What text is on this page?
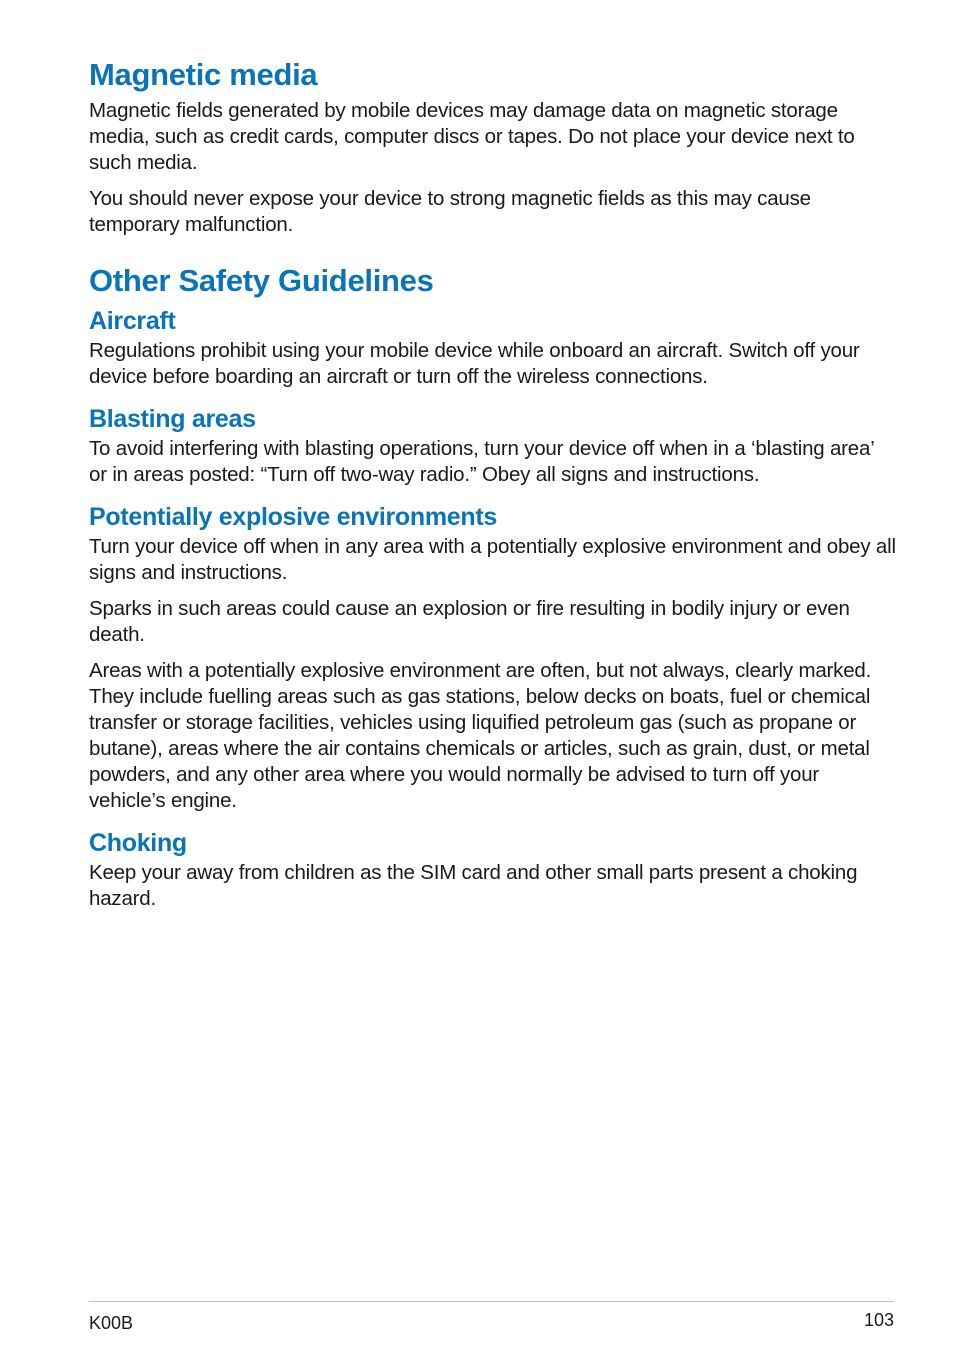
Magnetic media

Magnetic fields generated by mobile devices may damage data on magnetic storage media, such as credit cards, computer discs or tapes. Do not place your device next to such media.

You should never expose your device to strong magnetic fields as this may cause temporary malfunction.

Other Safety Guidelines
Aircraft

Regulations prohibit using your mobile device while onboard an aircraft. Switch off your device before boarding an aircraft or turn off the wireless connections.

Blasting areas

To avoid interfering with blasting operations, turn your device off when in a ‘blasting area’ or in areas posted: “Turn off two-way radio.” Obey all signs and instructions.

Potentially explosive environments

Turn your device off when in any area with a potentially explosive environment and obey all signs and instructions.

Sparks in such areas could cause an explosion or fire resulting in bodily injury or even death.

Areas with a potentially explosive environment are often, but not always, clearly marked. They include fuelling areas such as gas stations, below decks on boats, fuel or chemical transfer or storage facilities, vehicles using liquified petroleum gas (such as propane or butane), areas where the air contains chemicals or articles, such as grain, dust, or metal powders, and any other area where you would normally be advised to turn off your vehicle’s engine.

Choking

Keep your away from children as the SIM card and other small parts present a choking hazard.

K00B	103
